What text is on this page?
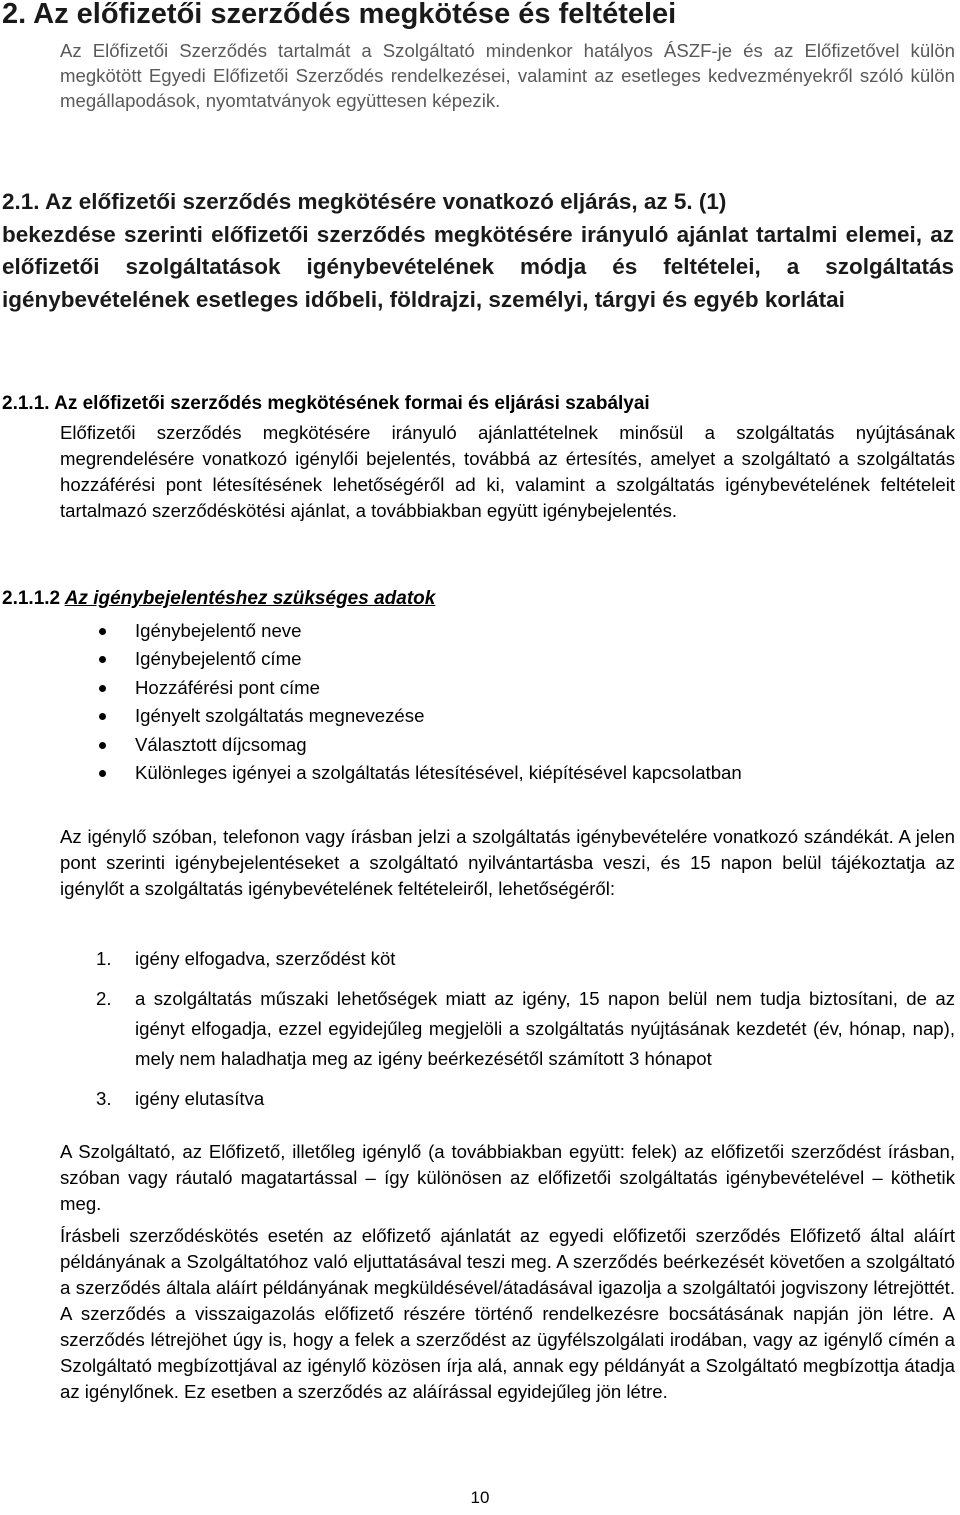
2. Az előfizetői szerződés megkötése és feltételei

Az Előfizetői Szerződés tartalmát a Szolgáltató mindenkor hatályos ÁSZF-je és az Előfizetővel külön megkötött Egyedi Előfizetői Szerződés rendelkezései, valamint az esetleges kedvezményekről szóló külön megállapodások, nyomtatványok együttesen képezik.

2.1. Az előfizetői szerződés megkötésére vonatkozó eljárás, az 5. (1)
bekezdése szerinti előfizetői szerződés megkötésére irányuló ajánlat tartalmi elemei, az előfizetői szolgáltatások igénybevételének módja és feltételei, a szolgáltatás igénybevételének esetleges időbeli, földrajzi, személyi, tárgyi és egyéb korlátai
2.1.1. Az előfizetői szerződés megkötésének formai és eljárási szabályai

Előfizetői szerződés megkötésére irányuló ajánlattételnek minősül a szolgáltatás nyújtásának megrendelésére vonatkozó igénylői bejelentés, továbbá az értesítés, amelyet a szolgáltató a szolgáltatás hozzáférési pont létesítésének lehetőségéről ad ki, valamint a szolgáltatás igénybevételének feltételeit tartalmazó szerződéskötési ajánlat, a továbbiakban együtt igénybejelentés.

2.1.1.2 Az igénybejelentéshez szükséges adatok
Igénybejelentő neve
Igénybejelentő címe
Hozzáférési pont címe
Igényelt szolgáltatás megnevezése
Választott díjcsomag
Különleges igényei a szolgáltatás létesítésével, kiépítésével kapcsolatban

Az igénylő szóban, telefonon vagy írásban jelzi a szolgáltatás igénybevételére vonatkozó szándékát. A jelen pont szerinti igénybejelentéseket a szolgáltató nyilvántartásba veszi, és 15 napon belül tájékoztatja az igénylőt a szolgáltatás igénybevételének feltételeiről, lehetőségéről:

1. igény elfogadva, szerződést köt
2. a szolgáltatás műszaki lehetőségek miatt az igény, 15 napon belül nem tudja biztosítani, de az igényt elfogadja, ezzel egyidejűleg megjelöli a szolgáltatás nyújtásának kezdetét (év, hónap, nap), mely nem haladhatja meg az igény beérkezésétől számított 3 hónapot
3. igény elutasítva

A Szolgáltató, az Előfizető, illetőleg igénylő (a továbbiakban együtt: felek) az előfizetői szerződést írásban, szóban vagy ráutaló magatartással – így különösen az előfizetői szolgáltatás igénybevételével – köthetik meg.

Írásbeli szerződéskötés esetén az előfizető ajánlatát az egyedi előfizetői szerződés Előfizető által aláírt példányának a Szolgáltatóhoz való eljuttatásával teszi meg. A szerződés beérkezését követően a szolgáltató a szerződés általa aláírt példányának megküldésével/átadásával igazolja a szolgáltatói jogviszony létrejöttét. A szerződés a visszaigazolás előfizető részére történő rendelkezésre bocsátásának napján jön létre. A szerződés létrejöhet úgy is, hogy a felek a szerződést az ügyfélszolgálati irodában, vagy az igénylő címén a Szolgáltató megbízottjával az igénylő közösen írja alá, annak egy példányát a Szolgáltató megbízottja átadja az igénylőnek. Ez esetben a szerződés az aláírással egyidejűleg jön létre.

10
